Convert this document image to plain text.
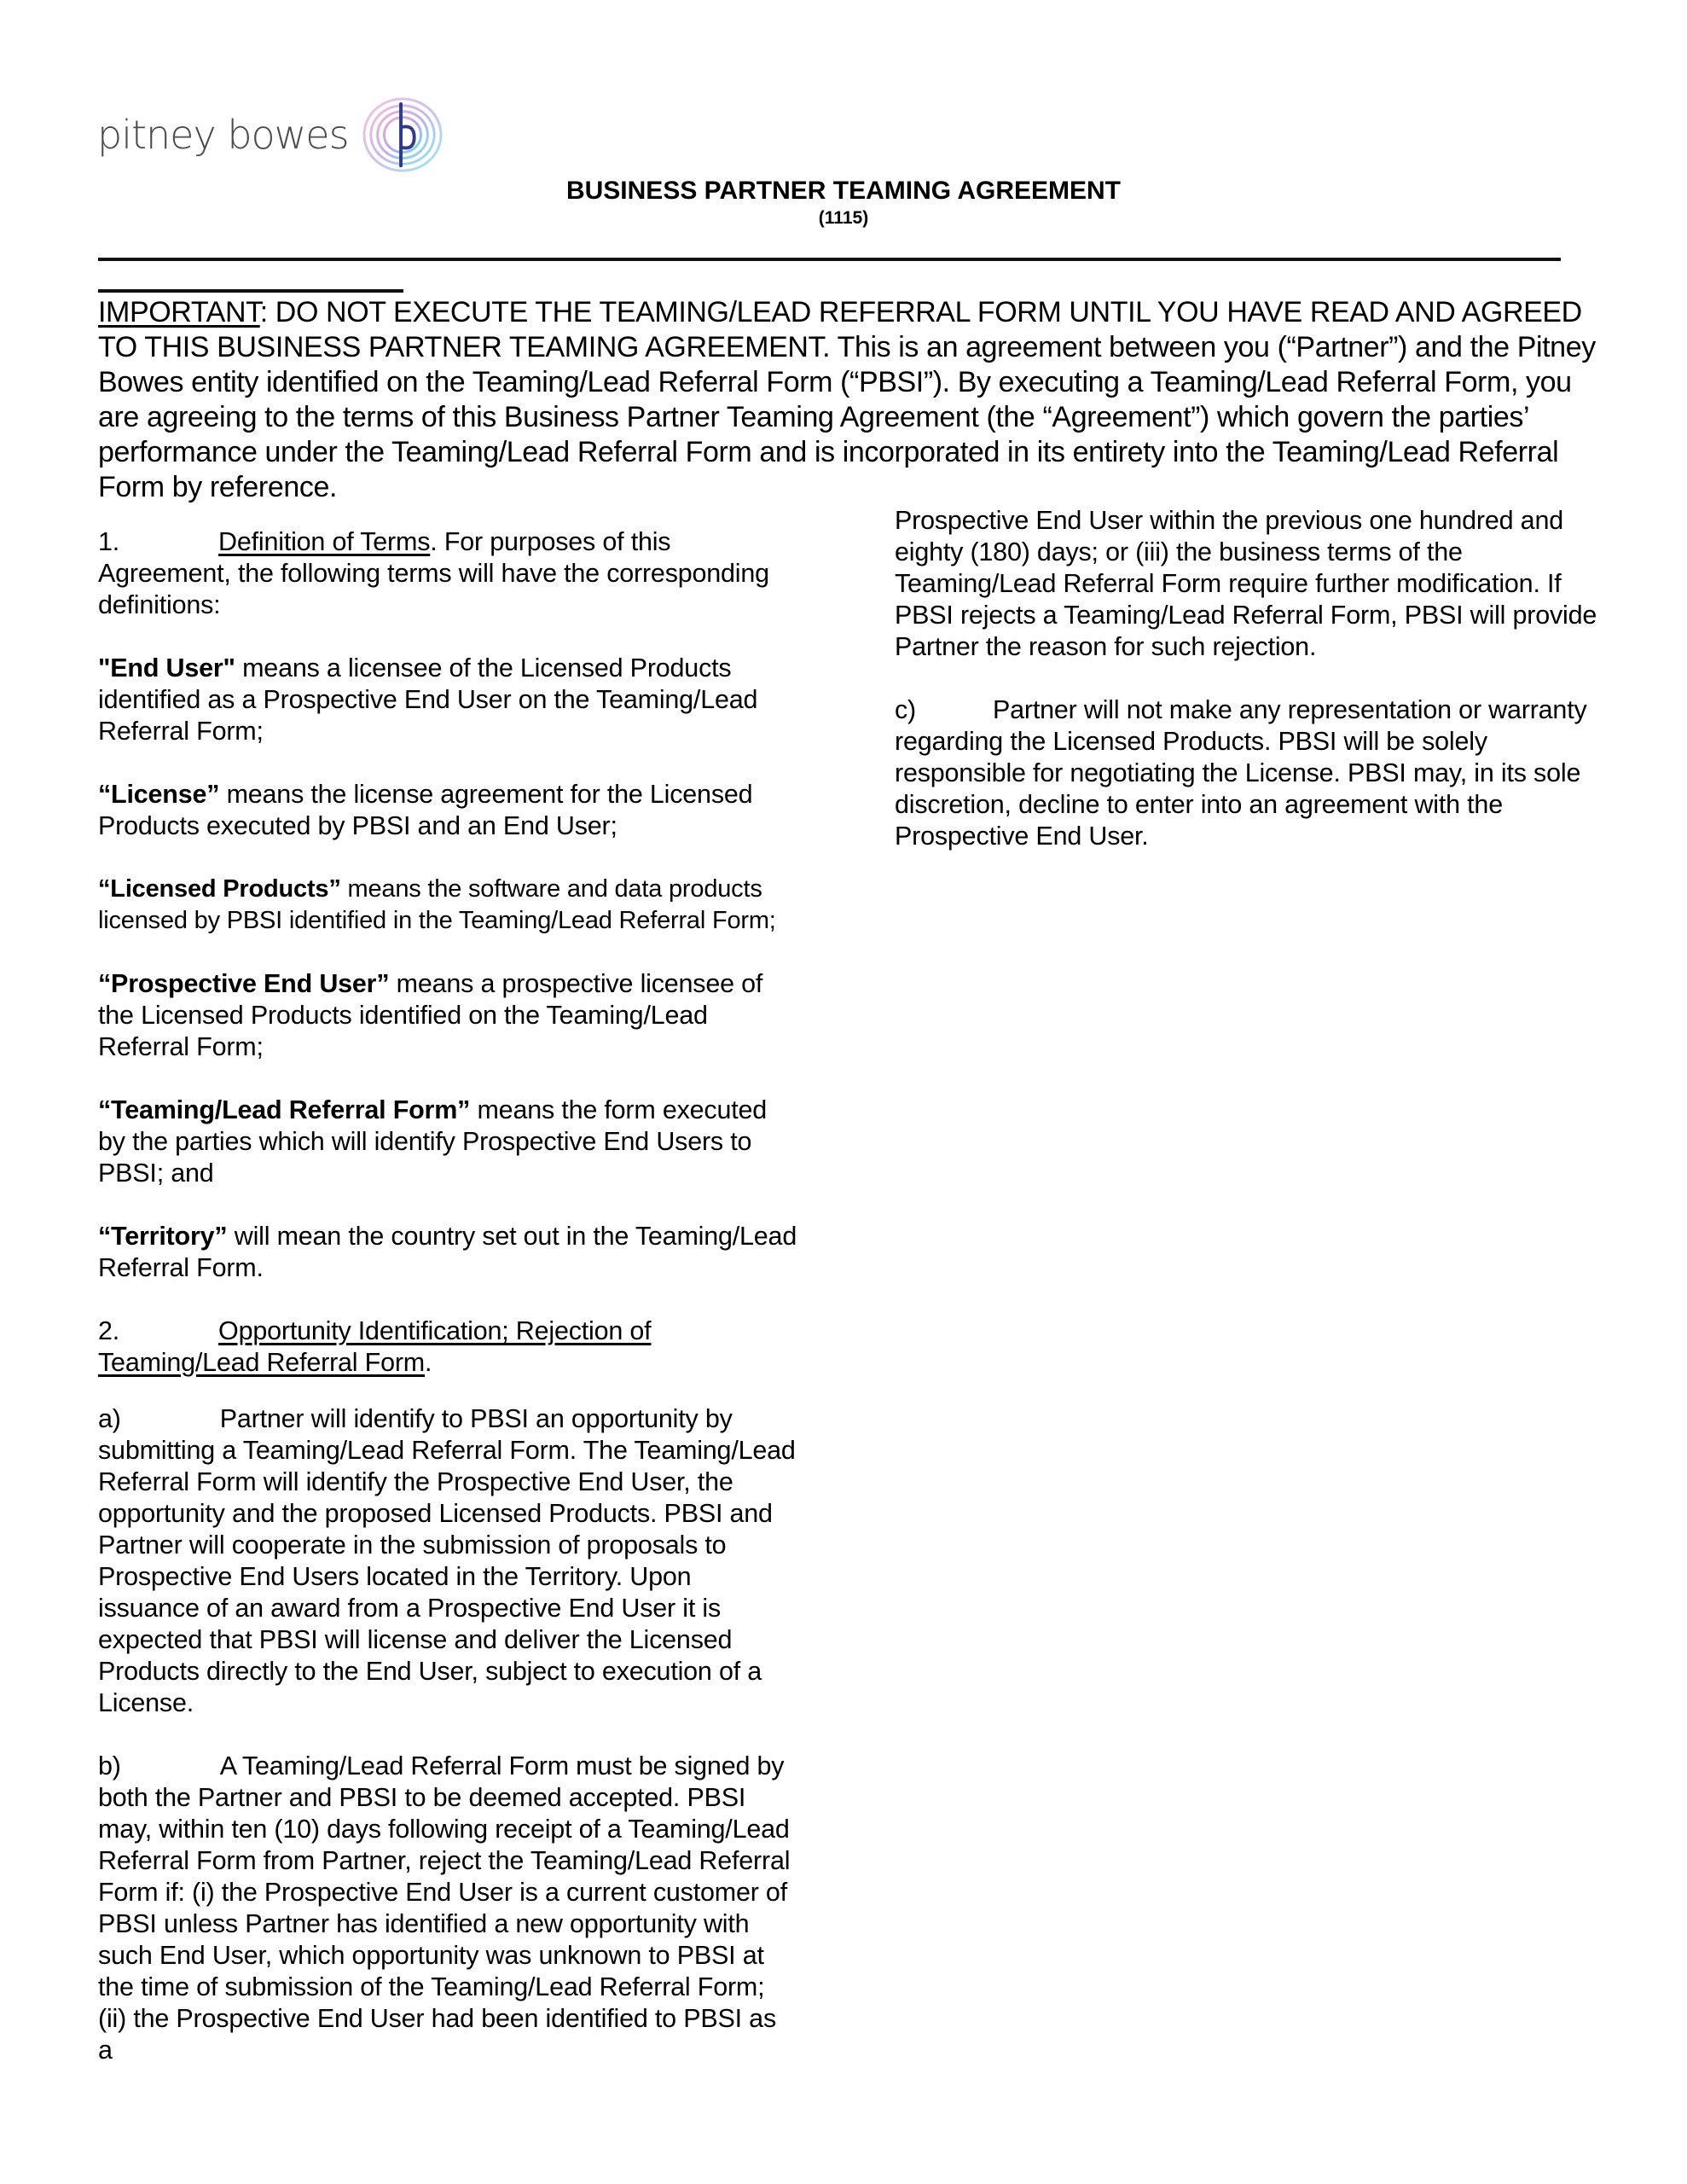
pitney bowes
BUSINESS PARTNER TEAMING AGREEMENT
(1115)
IMPORTANT: DO NOT EXECUTE THE TEAMING/LEAD REFERRAL FORM UNTIL YOU HAVE READ AND AGREED TO THIS BUSINESS PARTNER TEAMING AGREEMENT. This is an agreement between you (“Partner”) and the Pitney Bowes entity identified on the Teaming/Lead Referral Form (“PBSI”). By executing a Teaming/Lead Referral Form, you are agreeing to the terms of this Business Partner Teaming Agreement (the “Agreement”) which govern the parties’ performance under the Teaming/Lead Referral Form and is incorporated in its entirety into the Teaming/Lead Referral Form by reference.

1.	Definition of Terms. For purposes of this Agreement, the following terms will have the corresponding definitions:

"End User" means a licensee of the Licensed Products identified as a Prospective End User on the Teaming/Lead Referral Form;

“License” means the license agreement for the Licensed Products executed by PBSI and an End User;

“Licensed Products” means the software and data products licensed by PBSI identified in the Teaming/Lead Referral Form;

“Prospective End User” means a prospective licensee of the Licensed Products identified on the Teaming/Lead Referral Form;

“Teaming/Lead Referral Form” means the form executed by the parties which will identify Prospective End Users to PBSI; and

“Territory” will mean the country set out in the Teaming/Lead Referral Form.

2.	Opportunity Identification; Rejection of Teaming/Lead Referral Form.

a)	Partner will identify to PBSI an opportunity by submitting a Teaming/Lead Referral Form. The Teaming/Lead Referral Form will identify the Prospective End User, the opportunity and the proposed Licensed Products. PBSI and Partner will cooperate in the submission of proposals to Prospective End Users located in the Territory. Upon issuance of an award from a Prospective End User it is expected that PBSI will license and deliver the Licensed Products directly to the End User, subject to execution of a License.

b)	A Teaming/Lead Referral Form must be signed by both the Partner and PBSI to be deemed accepted. PBSI may, within ten (10) days following receipt of a Teaming/Lead Referral Form from Partner, reject the Teaming/Lead Referral Form if: (i) the Prospective End User is a current customer of PBSI unless Partner has identified a new opportunity with such End User, which opportunity was unknown to PBSI at the time of submission of the Teaming/Lead Referral Form; (ii) the Prospective End User had been identified to PBSI as a

Prospective End User within the previous one hundred and eighty (180) days; or (iii) the business terms of the Teaming/Lead Referral Form require further modification. If PBSI rejects a Teaming/Lead Referral Form, PBSI will provide Partner the reason for such rejection.

c)	Partner will not make any representation or warranty regarding the Licensed Products. PBSI will be solely responsible for negotiating the License. PBSI may, in its sole discretion, decline to enter into an agreement with the Prospective End User.
